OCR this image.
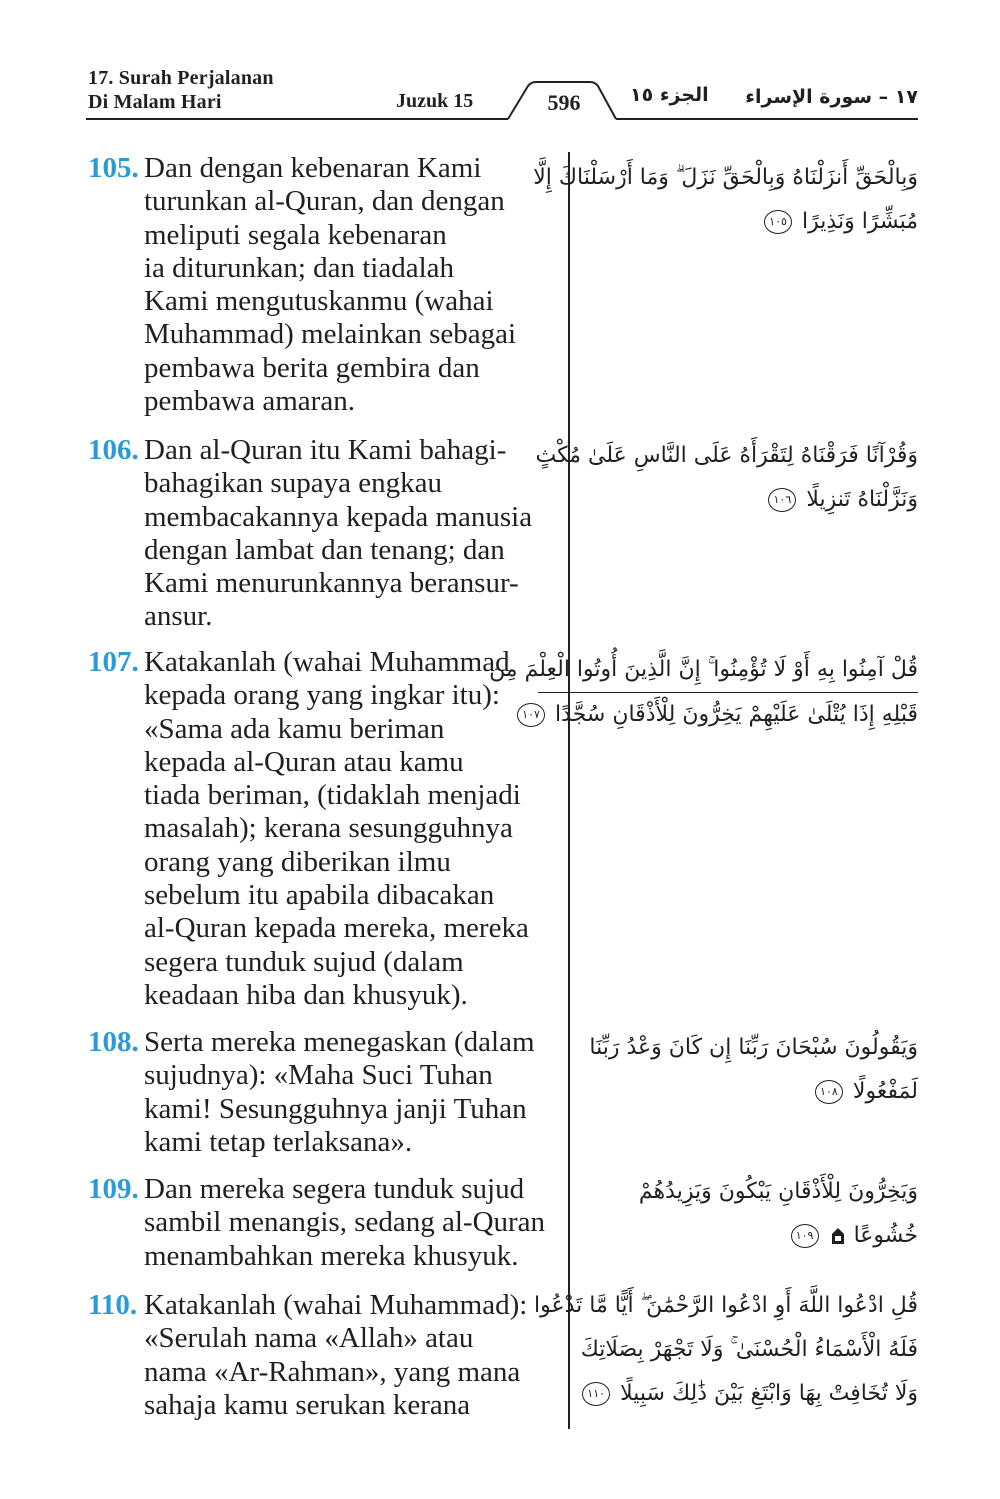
17. Surah Perjalanan
Di Malam Hari	Juzuk 15	596	الجزء ١٥ ١٧ – سورة الإسراء
105. Dan dengan kebenaran Kami
turunkan al-Quran, dan dengan
meliputi segala kebenaran
ia diturunkan; dan tiadalah
Kami mengutuskanmu (wahai
Muhammad) melainkan sebagai
pembawa berita gembira dan
pembawa amaran.
وَبِالْحَقِّ أَنزَلْنَاهُ وَبِالْحَقِّ نَزَلَ ۗ وَمَا أَرْسَلْنَاكَ إِلَّا
مُبَشِّرًا وَنَذِيرًا ١٠٥
106. Dan al-Quran itu Kami bahagi-
bahagikan supaya engkau
membacakannya kepada manusia
dengan lambat dan tenang; dan
Kami menurunkannya beransur-
ansur.
وَقُرْآنًا فَرَقْنَاهُ لِتَقْرَأَهُ عَلَى النَّاسِ عَلَىٰ مُكْثٍ
وَنَزَّلْنَاهُ تَنزِيلًا ١٠٦
107. Katakanlah (wahai Muhammad
kepada orang yang ingkar itu):
«Sama ada kamu beriman
kepada al-Quran atau kamu
tiada beriman, (tidaklah menjadi
masalah); kerana sesungguhnya
orang yang diberikan ilmu
sebelum itu apabila dibacakan
al-Quran kepada mereka, mereka
segera tunduk sujud (dalam
keadaan hiba dan khusyuk).
قُلْ آمِنُوا بِهِ أَوْ لَا تُؤْمِنُوا ۚ إِنَّ الَّذِينَ أُوتُوا الْعِلْمَ مِن
قَبْلِهِ إِذَا يُتْلَىٰ عَلَيْهِمْ يَخِرُّونَ لِلْأَذْقَانِ سُجَّدًا ١٠٧
108. Serta mereka menegaskan (dalam
sujudnya): «Maha Suci Tuhan
kami! Sesungguhnya janji Tuhan
kami tetap terlaksana».
وَيَقُولُونَ سُبْحَانَ رَبِّنَا إِن كَانَ وَعْدُ رَبِّنَا
لَمَفْعُولًا ١٠٨
109. Dan mereka segera tunduk sujud
sambil menangis, sedang al-Quran
menambahkan mereka khusyuk.
وَيَخِرُّونَ لِلْأَذْقَانِ يَبْكُونَ وَيَزِيدُهُمْ
خُشُوعًا  ١٠٩
110. Katakanlah (wahai Muhammad):
«Serulah nama «Allah» atau
nama «Ar-Rahman», yang mana
sahaja kamu serukan kerana
قُلِ ادْعُوا اللَّهَ أَوِ ادْعُوا الرَّحْمَٰنَ ۖ أَيًّا مَّا تَدْعُوا
فَلَهُ الْأَسْمَاءُ الْحُسْنَىٰ ۚ وَلَا تَجْهَرْ بِصَلَاتِكَ
وَلَا تُخَافِتْ بِهَا وَابْتَغِ بَيْنَ ذَٰلِكَ سَبِيلًا ١١٠
